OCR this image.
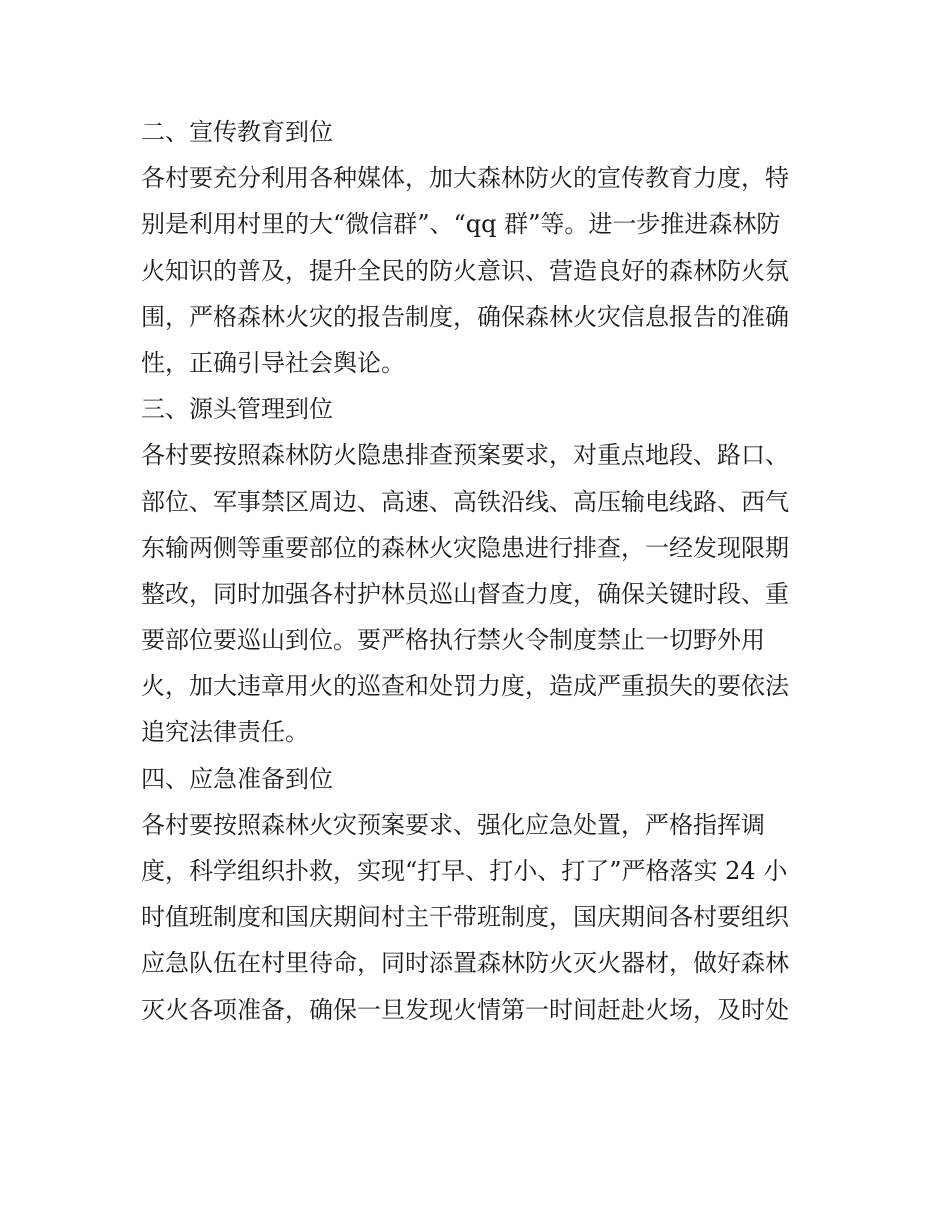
二、宣传教育到位
各村要充分利用各种媒体，加大森林防火的宣传教育力度，特
别是利用村里的大“微信群”、“qq 群”等。进一步推进森林防
火知识的普及，提升全民的防火意识、营造良好的森林防火氛
围，严格森林火灾的报告制度，确保森林火灾信息报告的准确
性，正确引导社会舆论。
三、源头管理到位
各村要按照森林防火隐患排查预案要求，对重点地段、路口、
部位、军事禁区周边、高速、高铁沿线、高压输电线路、西气
东输两侧等重要部位的森林火灾隐患进行排查，一经发现限期
整改，同时加强各村护林员巡山督查力度，确保关键时段、重
要部位要巡山到位。要严格执行禁火令制度禁止一切野外用
火，加大违章用火的巡查和处罚力度，造成严重损失的要依法
追究法律责任。
四、应急准备到位
各村要按照森林火灾预案要求、强化应急处置，严格指挥调
度，科学组织扑救，实现“打早、打小、打了”严格落实 24 小
时值班制度和国庆期间村主干带班制度，国庆期间各村要组织
应急队伍在村里待命，同时添置森林防火灭火器材，做好森林
灭火各项准备，确保一旦发现火情第一时间赶赴火场，及时处
